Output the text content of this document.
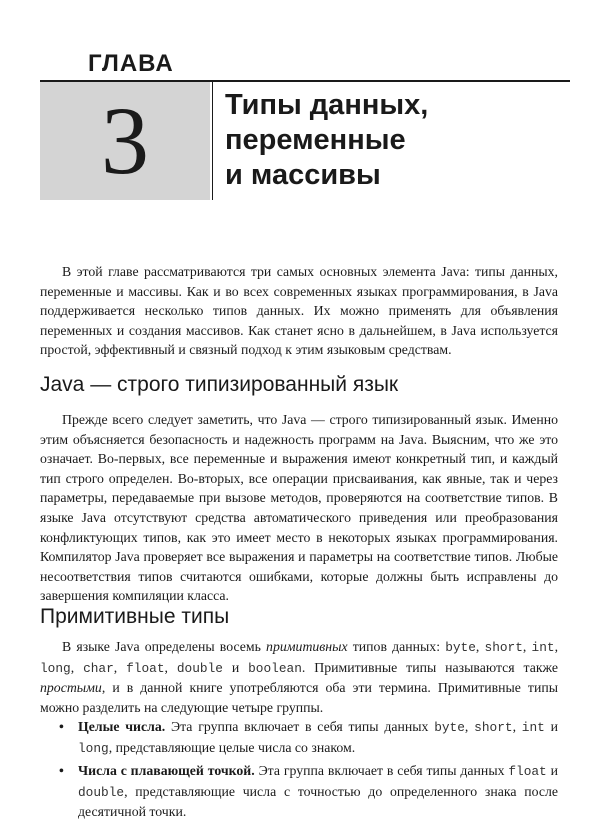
ГЛАВА
3	Типы данных,
переменные
и массивы

В этой главе рассматриваются три самых основных элемента Java: типы данных, переменные и массивы. Как и во всех современных языках программирования, в Java поддерживается несколько типов данных. Их можно применять для объявления переменных и создания массивов. Как станет ясно в дальнейшем, в Java используется простой, эффективный и связный подход к этим языковым средствам.

Java — строго типизированный язык

Прежде всего следует заметить, что Java — строго типизированный язык. Именно этим объясняется безопасность и надежность программ на Java. Выясним, что же это означает. Во-первых, все переменные и выражения имеют конкретный тип, и каждый тип строго определен. Во-вторых, все операции присваивания, как явные, так и через параметры, передаваемые при вызове методов, проверяются на соответствие типов. В языке Java отсутствуют средства автоматического приведения или преобразования конфликтующих типов, как это имеет место в некоторых языках программирования. Компилятор Java проверяет все выражения и параметры на соответствие типов. Любые несоответствия типов считаются ошибками, которые должны быть исправлены до завершения компиляции класса.

Примитивные типы

В языке Java определены восемь примитивных типов данных: byte, short, int, long, char, float, double и boolean. Примитивные типы называются также простыми, и в данной книге употребляются оба эти термина. Примитивные типы можно разделить на следующие четыре группы.

• Целые числа. Эта группа включает в себя типы данных byte, short, int и long, представляющие целые числа со знаком.
• Числа с плавающей точкой. Эта группа включает в себя типы данных float и double, представляющие числа с точностью до определенного знака после десятичной точки.
